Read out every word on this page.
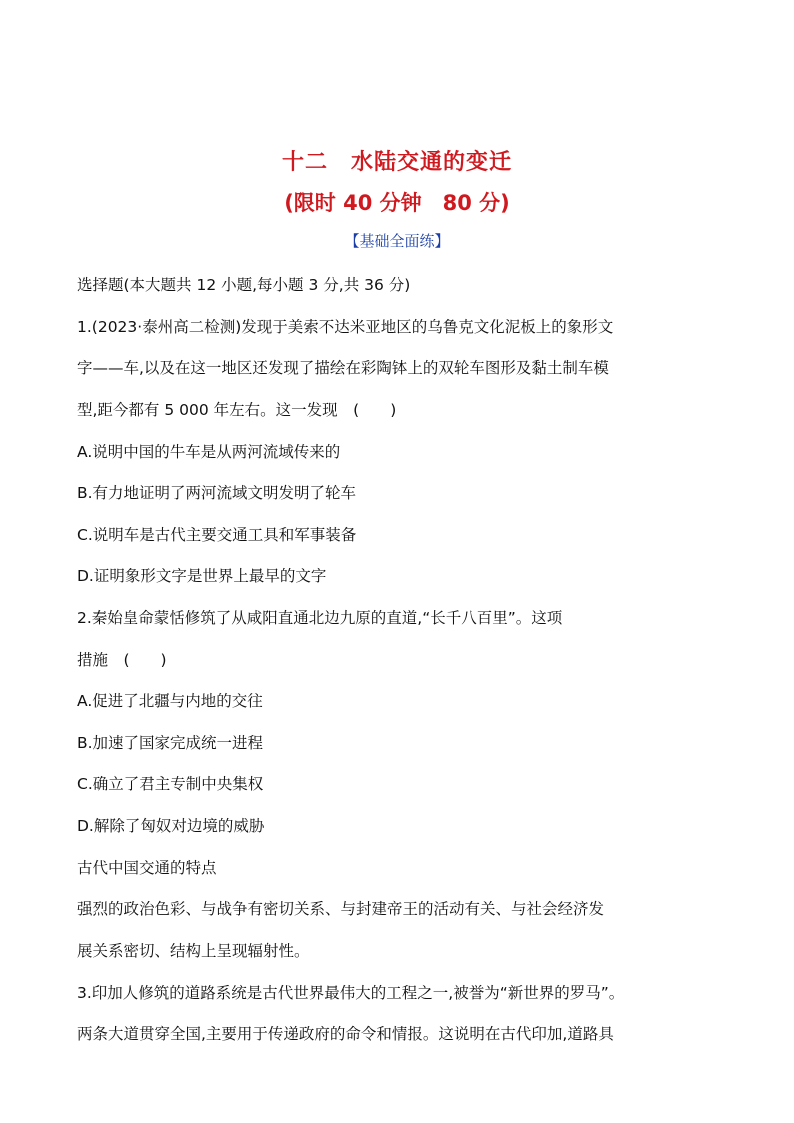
十二　水陆交通的变迁
(限时 40 分钟　80 分)
【基础全面练】
选择题(本大题共 12 小题,每小题 3 分,共 36 分)
1.(2023·泰州高二检测)发现于美索不达米亚地区的乌鲁克文化泥板上的象形文
字——车,以及在这一地区还发现了描绘在彩陶钵上的双轮车图形及黏土制车模
型,距今都有 5 000 年左右。这一发现　(　　)
A.说明中国的牛车是从两河流域传来的
B.有力地证明了两河流域文明发明了轮车
C.说明车是古代主要交通工具和军事装备
D.证明象形文字是世界上最早的文字
2.秦始皇命蒙恬修筑了从咸阳直通北边九原的直道,“长千八百里”。这项
措施　(　　)
A.促进了北疆与内地的交往
B.加速了国家完成统一进程
C.确立了君主专制中央集权
D.解除了匈奴对边境的威胁
古代中国交通的特点
强烈的政治色彩、与战争有密切关系、与封建帝王的活动有关、与社会经济发
展关系密切、结构上呈现辐射性。
3.印加人修筑的道路系统是古代世界最伟大的工程之一,被誉为“新世界的罗马”。
两条大道贯穿全国,主要用于传递政府的命令和情报。这说明在古代印加,道路具
